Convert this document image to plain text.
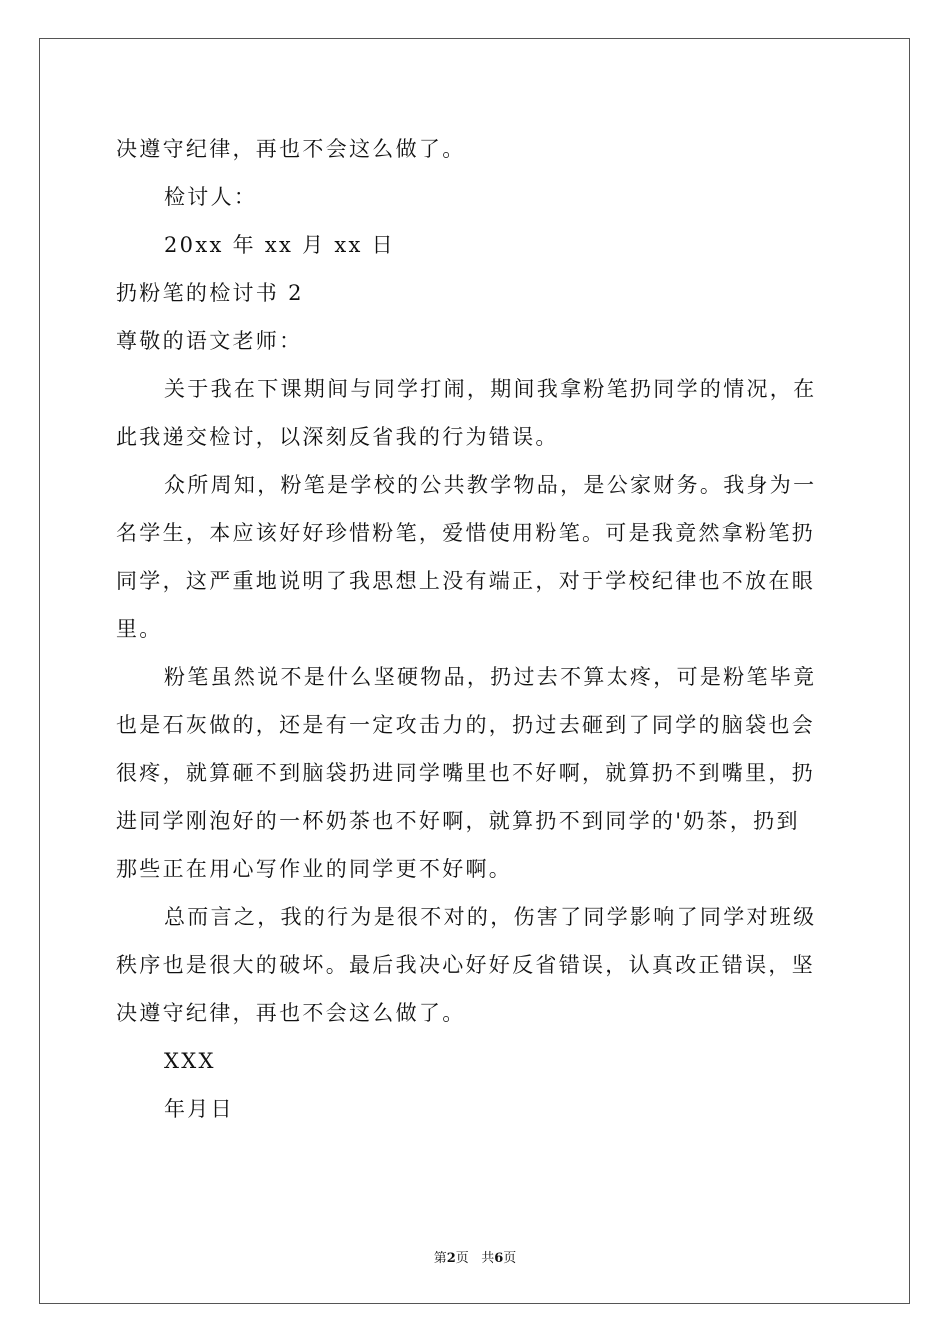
决遵守纪律，再也不会这么做了。
检讨人：
20xx 年 xx 月 xx 日
扔粉笔的检讨书 2
尊敬的语文老师：
关于我在下课期间与同学打闹，期间我拿粉笔扔同学的情况，在
此我递交检讨，以深刻反省我的行为错误。
众所周知，粉笔是学校的公共教学物品，是公家财务。我身为一
名学生，本应该好好珍惜粉笔，爱惜使用粉笔。可是我竟然拿粉笔扔
同学，这严重地说明了我思想上没有端正，对于学校纪律也不放在眼
里。
粉笔虽然说不是什么坚硬物品，扔过去不算太疼，可是粉笔毕竟
也是石灰做的，还是有一定攻击力的，扔过去砸到了同学的脑袋也会
很疼，就算砸不到脑袋扔进同学嘴里也不好啊，就算扔不到嘴里，扔
进同学刚泡好的一杯奶茶也不好啊，就算扔不到同学的'奶茶，扔到
那些正在用心写作业的同学更不好啊。
总而言之，我的行为是很不对的，伤害了同学影响了同学对班级
秩序也是很大的破坏。最后我决心好好反省错误，认真改正错误，坚
决遵守纪律，再也不会这么做了。
XXX
年月日
第2页 共6页
